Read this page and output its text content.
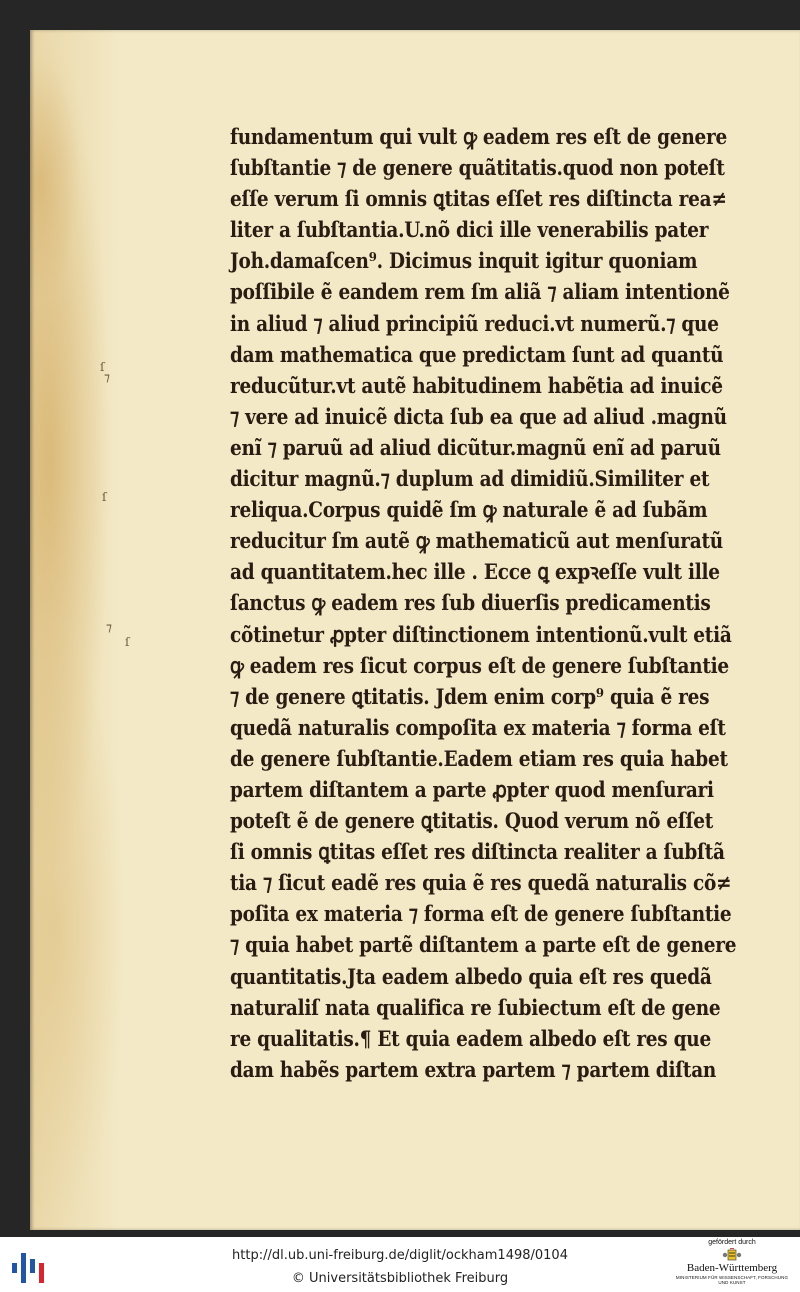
fundamentum qui vult ꝙ eadem res eſt de genere
ſubſtantie ⁊ de genere quãtitatis.quod non poteſt
eſſe verum ſi omnis ꝗtitas eſſet res diſtincta rea≠
liter a ſubſtantia.U.nõ dici ille venerabilis pater
Joh.damaſcen⁹. Dicimus inquit igitur quoniam
poſſibile ẽ eandem rem ſm aliã ⁊ aliam intentionẽ
in aliud ⁊ aliud principiũ reduci.vt numerũ.⁊ que
dam mathematica que predictam ſunt ad quantũ
reducũtur.vt autẽ habitudinem habẽtia ad inuicẽ
⁊ vere ad inuicẽ dicta ſub ea que ad aliud .magnũ
enĩ ⁊ paruũ ad aliud dicũtur.magnũ enĩ ad paruũ
dicitur magnũ.⁊ duplum ad dimidiũ.Similiter et
reliqua.Corpus quidẽ ſm ꝙ naturale ẽ ad ſubãm
reducitur ſm autẽ ꝙ mathematicũ aut menſuratũ
ad quantitatem.hec ille . Ecce ꝗ expꝛeſſe vult ille
ſanctus ꝙ eadem res ſub diuerſis predicamentis
cõtinetur ꝓpter diſtinctionem intentionũ.vult etiã
ꝙ eadem res ſicut corpus eſt de genere ſubſtantie
⁊ de genere ꝗtitatis. Jdem enim corp⁹ quia ẽ res
quedã naturalis compoſita ex materia ⁊ forma eſt
de genere ſubſtantie.Eadem etiam res quia habet
partem diſtantem a parte ꝓpter quod menſurari
poteſt ẽ de genere ꝗtitatis. Quod verum nõ eſſet
ſi omnis ꝗtitas eſſet res diſtincta realiter a ſubſtã
tia ⁊ ſicut eadẽ res quia ẽ res quedã naturalis cõ≠
poſita ex materia ⁊ forma eſt de genere ſubſtantie
⁊ quia habet partẽ diſtantem a parte eſt de genere
quantitatis.Jta eadem albedo quia eſt res quedã
naturaliſ nata qualifica re ſubiectum eſt de gene
re qualitatis.¶ Et quia eadem albedo eſt res que
dam habẽs partem extra partem ⁊ partem diſtan
ſ
⁊
ſ
⁊
ſ
http://dl.ub.uni-freiburg.de/diglit/ockham1498/0104
© Universitätsbibliothek Freiburg
gefördert durch
Baden-Württemberg
MINISTERIUM FÜR WISSENSCHAFT, FORSCHUNG UND KUNST
